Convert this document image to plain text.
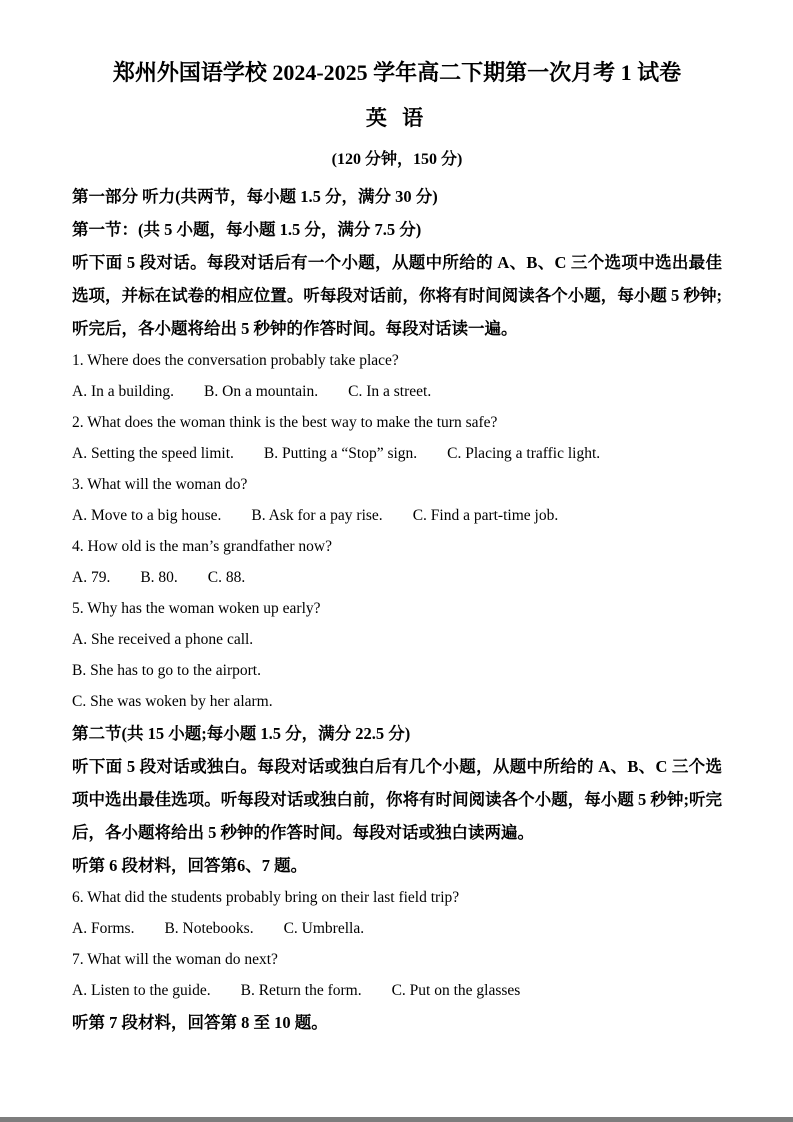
郑州外国语学校 2024-2025 学年高二下期第一次月考 1 试卷
英 语
(120 分钟，150 分)
第一部分 听力(共两节，每小题 1.5 分，满分 30 分)
第一节：(共 5 小题，每小题 1.5 分，满分 7.5 分)
听下面 5 段对话。每段对话后有一个小题，从题中所给的 A、B、C 三个选项中选出最佳选项，并标在试卷的相应位置。听每段对话前，你将有时间阅读各个小题，每小题 5 秒钟;听完后，各小题将给出 5 秒钟的作答时间。每段对话读一遍。
1. Where does the conversation probably take place?
A. In a building. B. On a mountain. C. In a street.
2. What does the woman think is the best way to make the turn safe?
A. Setting the speed limit. B. Putting a “Stop” sign. C. Placing a traffic light.
3. What will the woman do?
A. Move to a big house. B. Ask for a pay rise. C. Find a part-time job.
4. How old is the man’s grandfather now?
A. 79. B. 80. C. 88.
5. Why has the woman woken up early?
A. She received a phone call.
B. She has to go to the airport.
C. She was woken by her alarm.
第二节(共 15 小题;每小题 1.5 分，满分 22.5 分)
听下面 5 段对话或独白。每段对话或独白后有几个小题，从题中所给的 A、B、C 三个选项中选出最佳选项。听每段对话或独白前，你将有时间阅读各个小题，每小题 5 秒钟;听完后，各小题将给出 5 秒钟的作答时间。每段对话或独白读两遍。
听第 6 段材料，回答第6、7 题。
6. What did the students probably bring on their last field trip?
A. Forms. B. Notebooks. C. Umbrella.
7. What will the woman do next?
A. Listen to the guide. B. Return the form. C. Put on the glasses
听第 7 段材料，回答第 8 至 10 题。
